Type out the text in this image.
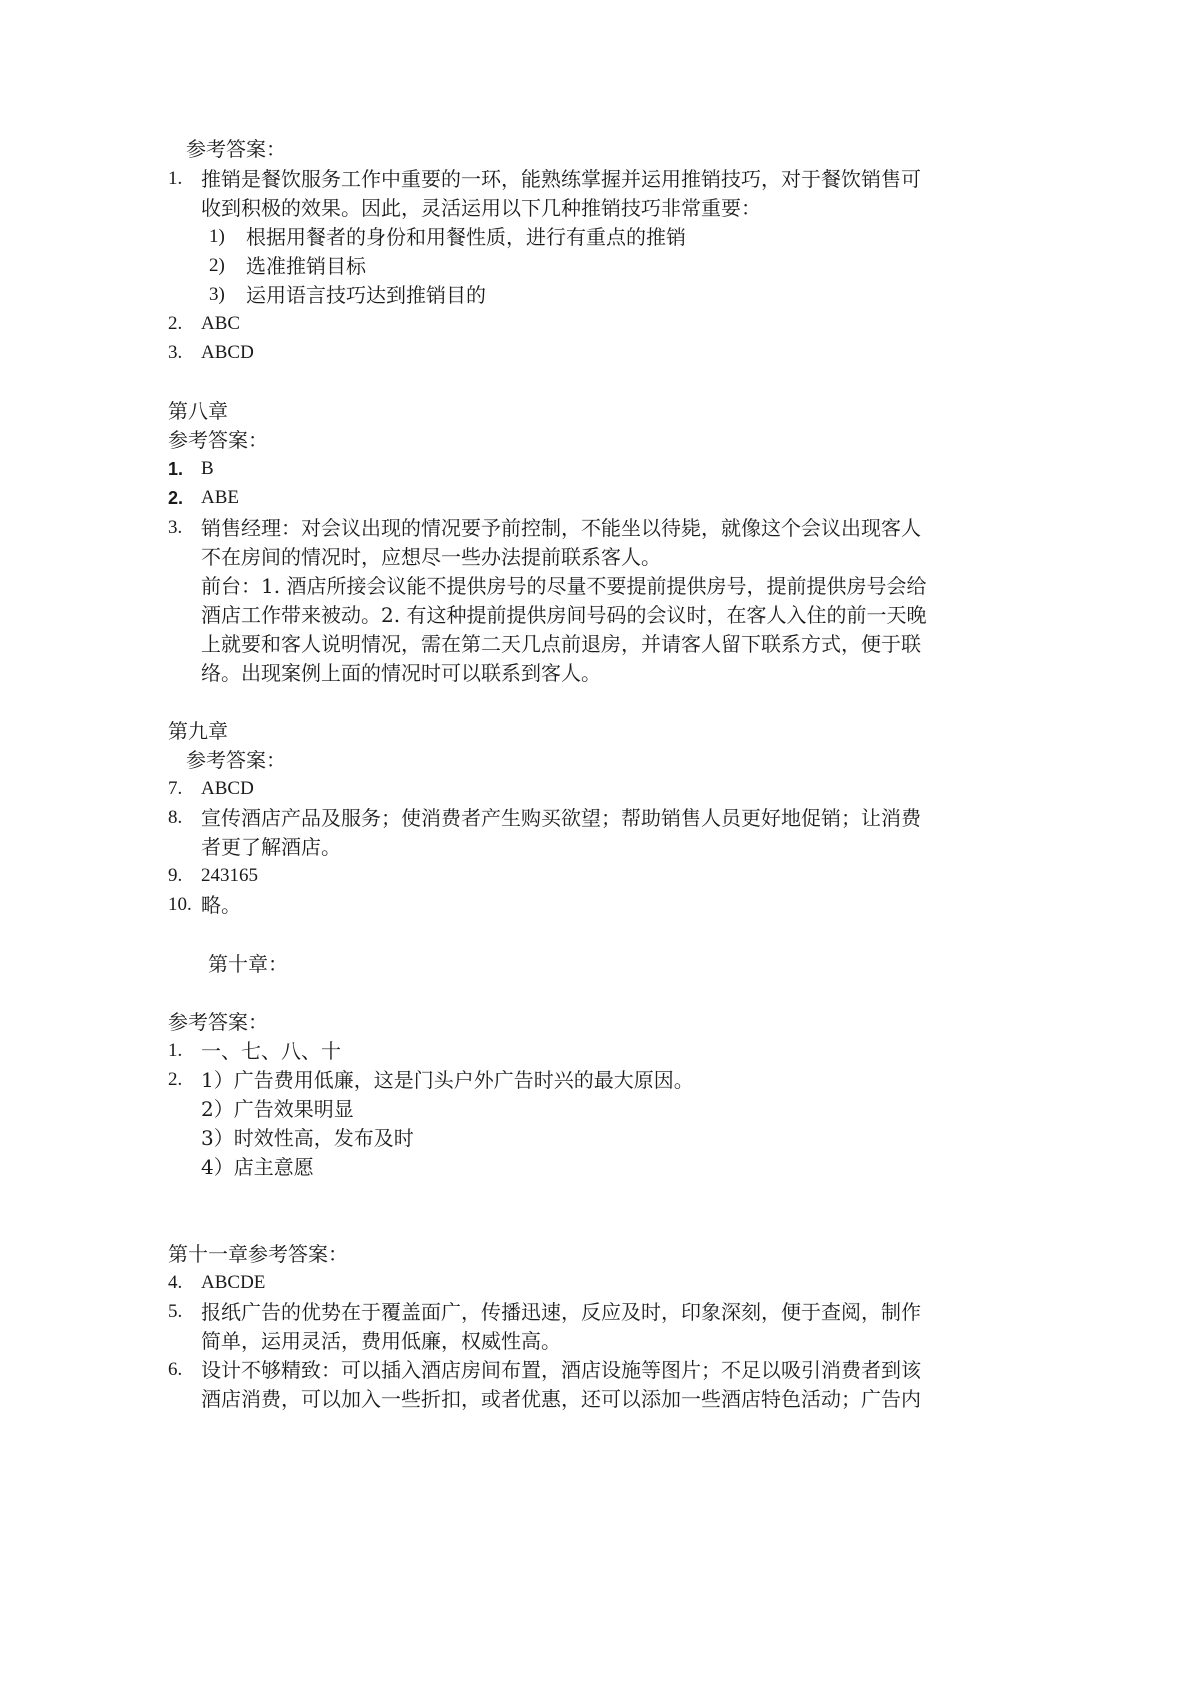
参考答案：
1. 推销是餐饮服务工作中重要的一环，能熟练掌握并运用推销技巧，对于餐饮销售可
收到积极的效果。因此，灵活运用以下几种推销技巧非常重要：
1) 根据用餐者的身份和用餐性质，进行有重点的推销
2) 选准推销目标
3) 运用语言技巧达到推销目的
2. ABC
3. ABCD
第八章
参考答案：
1. B
2. ABE
3. 销售经理：对会议出现的情况要予前控制，不能坐以待毙，就像这个会议出现客人
不在房间的情况时，应想尽一些办法提前联系客人。
前台：1. 酒店所接会议能不提供房号的尽量不要提前提供房号，提前提供房号会给
酒店工作带来被动。2. 有这种提前提供房间号码的会议时，在客人入住的前一天晚
上就要和客人说明情况，需在第二天几点前退房，并请客人留下联系方式，便于联
络。出现案例上面的情况时可以联系到客人。
第九章
参考答案：
7. ABCD
8. 宣传酒店产品及服务；使消费者产生购买欲望；帮助销售人员更好地促销；让消费
者更了解酒店。
9. 243165
10. 略。
第十章：
参考答案：
1. 一、七、八、十
2. 1）广告费用低廉，这是门头户外广告时兴的最大原因。
2）广告效果明显
3）时效性高，发布及时
4）店主意愿
第十一章参考答案：
4. ABCDE
5. 报纸广告的优势在于覆盖面广，传播迅速，反应及时，印象深刻，便于查阅，制作
简单，运用灵活，费用低廉，权威性高。
6. 设计不够精致：可以插入酒店房间布置，酒店设施等图片；不足以吸引消费者到该
酒店消费，可以加入一些折扣，或者优惠，还可以添加一些酒店特色活动；广告内
